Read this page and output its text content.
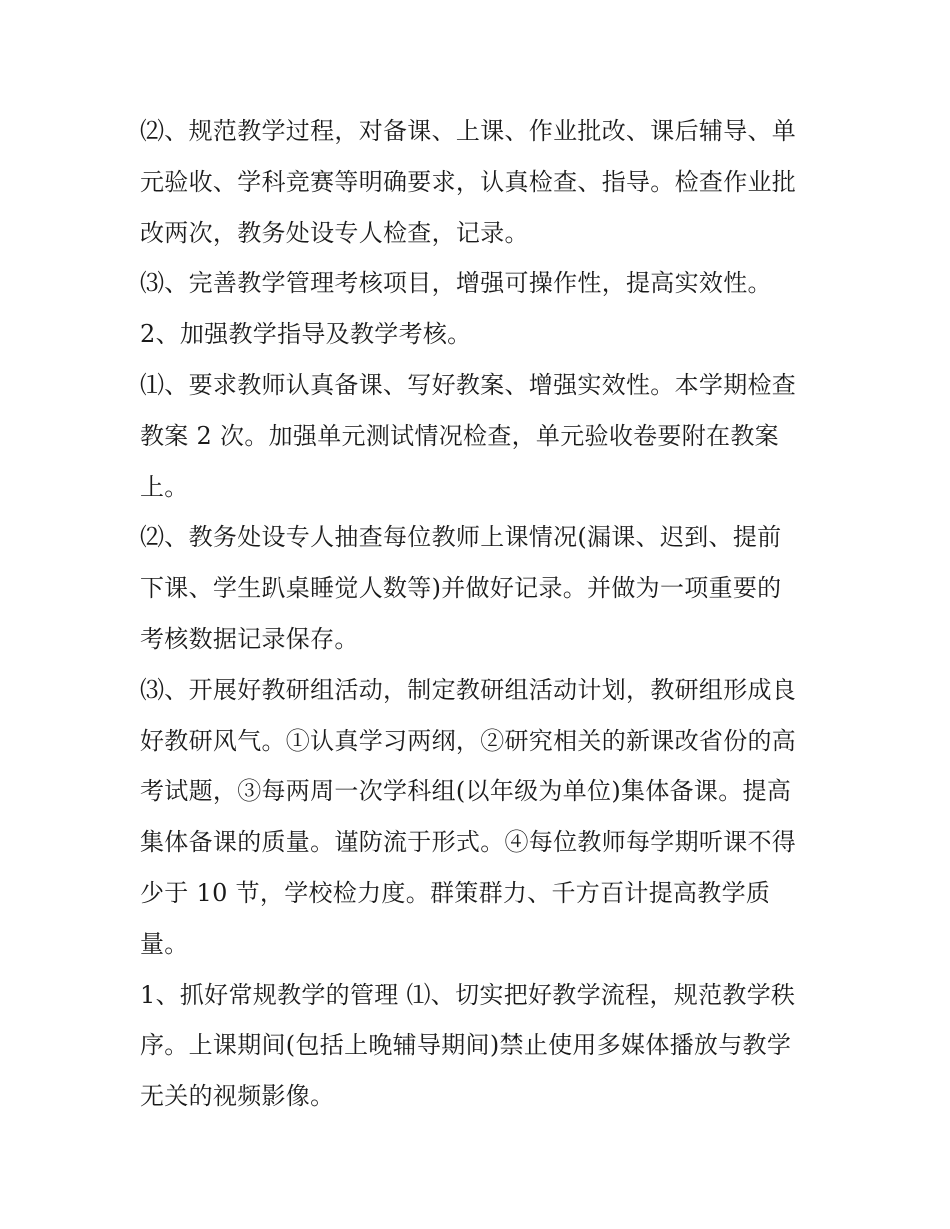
⑵、规范教学过程，对备课、上课、作业批改、课后辅导、单
元验收、学科竞赛等明确要求，认真检查、指导。检查作业批
改两次，教务处设专人检查，记录。
⑶、完善教学管理考核项目，增强可操作性，提高实效性。
2、加强教学指导及教学考核。
⑴、要求教师认真备课、写好教案、增强实效性。本学期检查
教案 2 次。加强单元测试情况检查，单元验收卷要附在教案
上。
⑵、教务处设专人抽查每位教师上课情况(漏课、迟到、提前
下课、学生趴桌睡觉人数等)并做好记录。并做为一项重要的
考核数据记录保存。
⑶、开展好教研组活动，制定教研组活动计划，教研组形成良
好教研风气。①认真学习两纲，②研究相关的新课改省份的高
考试题，③每两周一次学科组(以年级为单位)集体备课。提高
集体备课的质量。谨防流于形式。④每位教师每学期听课不得
少于 10 节，学校检力度。群策群力、千方百计提高教学质
量。
1、抓好常规教学的管理 ⑴、切实把好教学流程，规范教学秩
序。上课期间(包括上晚辅导期间)禁止使用多媒体播放与教学
无关的视频影像。
